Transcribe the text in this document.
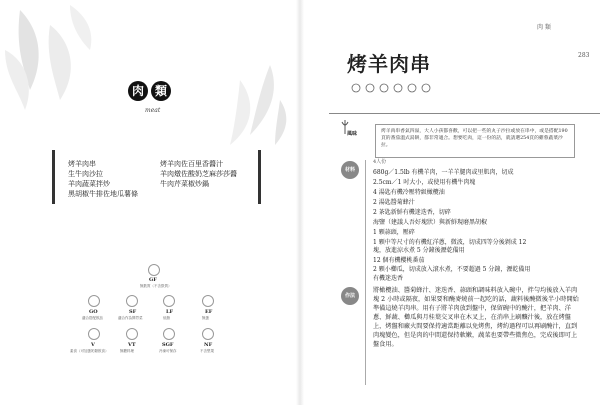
肉 類
meat
烤羊肉串
生牛肉沙拉
羊肉蔬菜拌炒
黑胡椒牛排佐地瓜薯條
烤羊肉佐百里香醬汁
羊肉燉佐酸奶芝麻莎莎醬
牛肉芹菜椒炒鍋
GF
無麩質（不含麩質）
GO
適合搭配飲品
SF
適合作為開胃菜
LF
低脂
EF
無蛋
V
素食（可加蛋奶類飲食）
VT
無糖料理
SGF
冷凍可保存
NF
不含堅果
肉 類
283
烤羊肉串
風味	烤羊肉串香氣四溢，大人小孩都喜歡，可以把一些的丸子沙拉或放在串中，或是搭配190頁的番茄溫式湯餅，都非常適合。想要吃肉，這一份的話，就請選254頁的雞蓉蔬菜沙拉。
材料
4人份
680g／1.5lb 有機羊肉，一羊羊腿肉或里肌肉，切成
2.5cm／1 吋大小，或使用有機牛肉塊
4 湯匙有機冷壓特級橄欖油
2 湯匙醬菊蜂汁
2 茶匙新鮮有機迷迭香，切碎
海鹽（建議人吾好塊狀）與新鮮現磨黑胡椒
1 顆蒜頭，壓碎
1 顆中等尺寸的有機紅洋蔥，微波，切成四等分後剝成 12
塊，放進涼水煮 5 分鐘後瀝乾備用
12 個有機櫻桃番茄
2 顆小櫛瓜，切成放入滾水煮，不要超過 5 分鐘，瀝乾備用
有機迷迭香
作法
將橄欖油、醬菊蜂汁、迷迭香、蒜頭和調味料放入碗中，拌勻均後放入羊肉塊 2 小時或隔夜，如果要和醃麥燒前一起吃的話，蔬料後醃微後半小時開始準備這燒羊肉串。用有子將羊肉放到盤中，保留碗中的醃汁，把羊肉、洋蔥、鮮蔬、櫛瓜與月桂葉交叉串在木叉上，在消串上刷釀汁後，放在烤盤上，烤盤和廠火間要保持適當距離以免烤焦，烤約過程可以再刷醃汁，直到肉塊變色，但是肉的中間還保持軟嫩，蔬菜也要帶些微焦色，完成後即可上盤食用。
